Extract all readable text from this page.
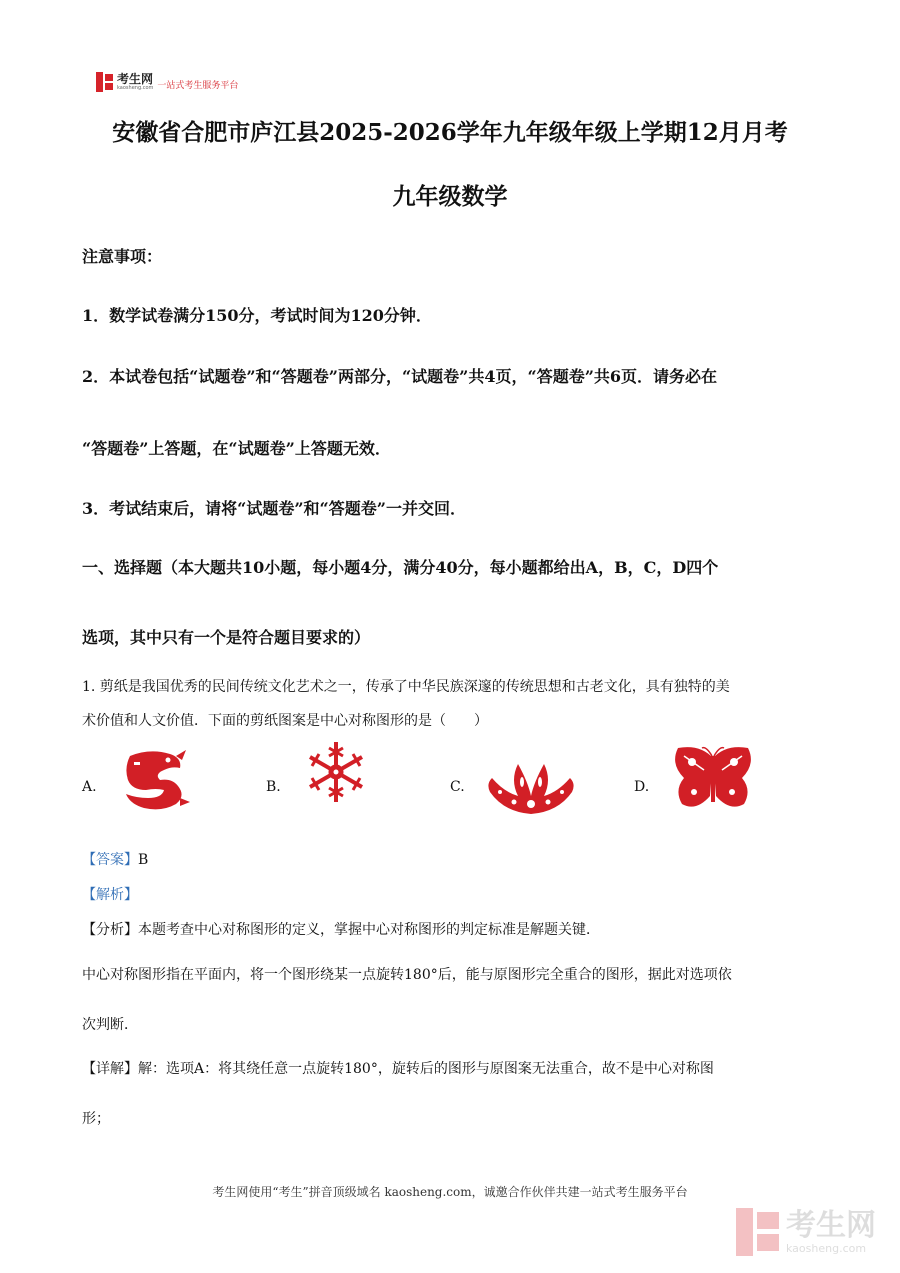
考生网
kaosheng.com 一站式考生服务平台
安徽省合肥市庐江县2025-2026学年九年级年级上学期12月月考
九年级数学
注意事项：
1．数学试卷满分150分，考试时间为120分钟．
2．本试卷包括“试题卷”和“答题卷”两部分，“试题卷”共4页，“答题卷”共6页．请务必在
“答题卷”上答题，在“试题卷”上答题无效．
3．考试结束后，请将“试题卷”和“答题卷”一并交回．
一、选择题（本大题共10小题，每小题4分，满分40分，每小题都给出A，B，C，D四个
选项，其中只有一个是符合题目要求的）
1. 剪纸是我国优秀的民间传统文化艺术之一，传承了中华民族深邃的传统思想和古老文化，具有独特的美
术价值和人文价值．下面的剪纸图案是中心对称图形的是（　　）
A.	B.	C.	D.
【答案】B
【解析】
【分析】本题考查中心对称图形的定义，掌握中心对称图形的判定标准是解题关键．
中心对称图形指在平面内，将一个图形绕某一点旋转180°后，能与原图形完全重合的图形，据此对选项依
次判断．
【详解】解：选项A：将其绕任意一点旋转180°，旋转后的图形与原图案无法重合，故不是中心对称图
形；
考生网使用“考生”拼音顶级域名 kaosheng.com，诚邀合作伙伴共建一站式考生服务平台
考生网
kaosheng.com
